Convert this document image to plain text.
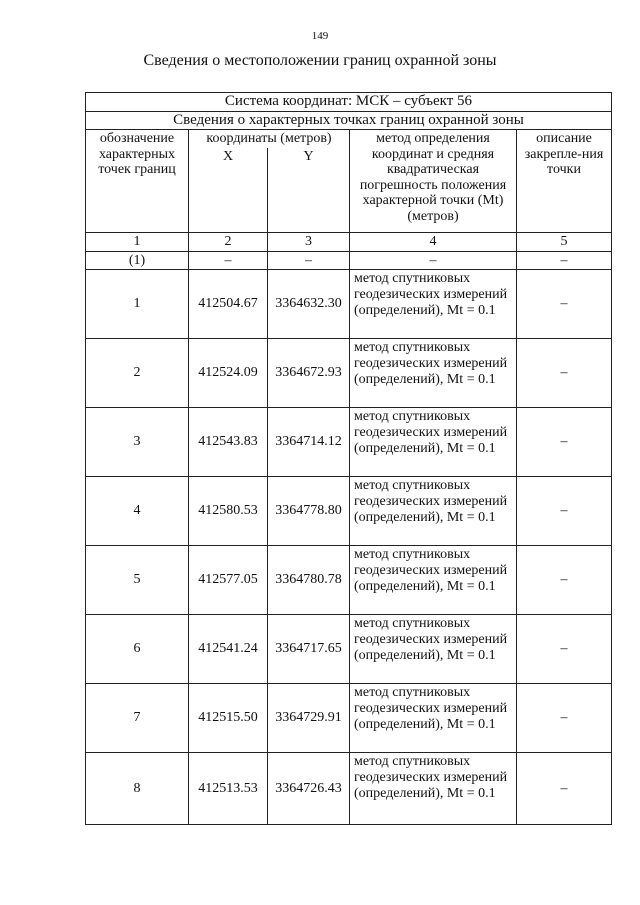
149
Сведения о местоположении границ охранной зоны
Система координат: МСК – субъект 56				
Сведения о характерных точках границ охранной зоны				
обозначение характерных точек границ	координаты (метров)		метод определения координат и средняя квадратическая погрешность положения характерной точки (Mt) (метров)	описание закрепле-ния точки
	X	Y		
1	2	3	4	5
(1)	–	–	–	–
1	412504.67	3364632.30	метод спутниковых геодезических измерений (определений), Mt = 0.1	–
2	412524.09	3364672.93	метод спутниковых геодезических измерений (определений), Mt = 0.1	–
3	412543.83	3364714.12	метод спутниковых геодезических измерений (определений), Mt = 0.1	–
4	412580.53	3364778.80	метод спутниковых геодезических измерений (определений), Mt = 0.1	–
5	412577.05	3364780.78	метод спутниковых геодезических измерений (определений), Mt = 0.1	–
6	412541.24	3364717.65	метод спутниковых геодезических измерений (определений), Mt = 0.1	–
7	412515.50	3364729.91	метод спутниковых геодезических измерений (определений), Mt = 0.1	–
8	412513.53	3364726.43	метод спутниковых геодезических измерений (определений), Mt = 0.1	–
